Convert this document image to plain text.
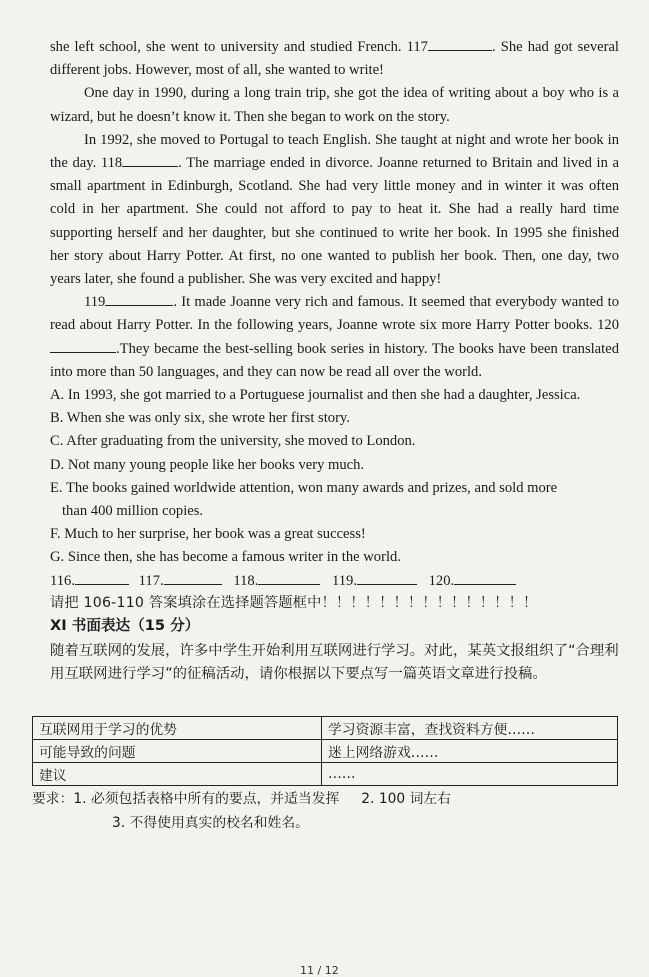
she left school, she went to university and studied French. 117	. She had got several different jobs. However, most of all, she wanted to write!

One day in 1990, during a long train trip, she got the idea of writing about a boy who is a wizard, but he doesn’t know it. Then she began to work on the story.

In 1992, she moved to Portugal to teach English. She taught at night and wrote her book in the day. 118	. The marriage ended in divorce. Joanne returned to Britain and lived in a small apartment in Edinburgh, Scotland. She had very little money and in winter it was often cold in her apartment. She could not afford to pay to heat it. She had a really hard time supporting herself and her daughter, but she continued to write her book. In 1995 she finished her story about Harry Potter. At first, no one wanted to publish her book. Then, one day, two years later, she found a publisher. She was very excited and happy!

119	. It made Joanne very rich and famous. It seemed that everybody wanted to read about Harry Potter. In the following years, Joanne wrote six more Harry Potter books. 120.They became the best-selling book series in history. The books have been translated into more than 50 languages, and they can now be read all over the world.

A. In 1993, she got married to a Portuguese journalist and then she had a daughter, Jessica.

B. When she was only six, she wrote her first story.

C. After graduating from the university, she moved to London.

D. Not many young people like her books very much.

E. The books gained worldwide attention, won many awards and prizes, and sold more
than 400 million copies.

F. Much to her surprise, her book was a great success!

G. Since then, she has become a famous writer in the world.

116.	117.	118.	119.	120.

请把 106-110 答案填涂在选择题答题框中！！！！！！！！！！！！！！！

XI 书面表达（15 分）

随着互联网的发展，许多中学生开始利用互联网进行学习。对此，某英文报组织了“合理利用互联网进行学习”的征稿活动，请你根据以下要点写一篇英语文章进行投稿。

互联网用于学习的优势	学习资源丰富，查找资料方便……
可能导致的问题	迷上网络游戏……
建议	……

要求：1. 必须包括表格中所有的要点，并适当发挥 2. 100 词左右

3. 不得使用真实的校名和姓名。

11 / 12
